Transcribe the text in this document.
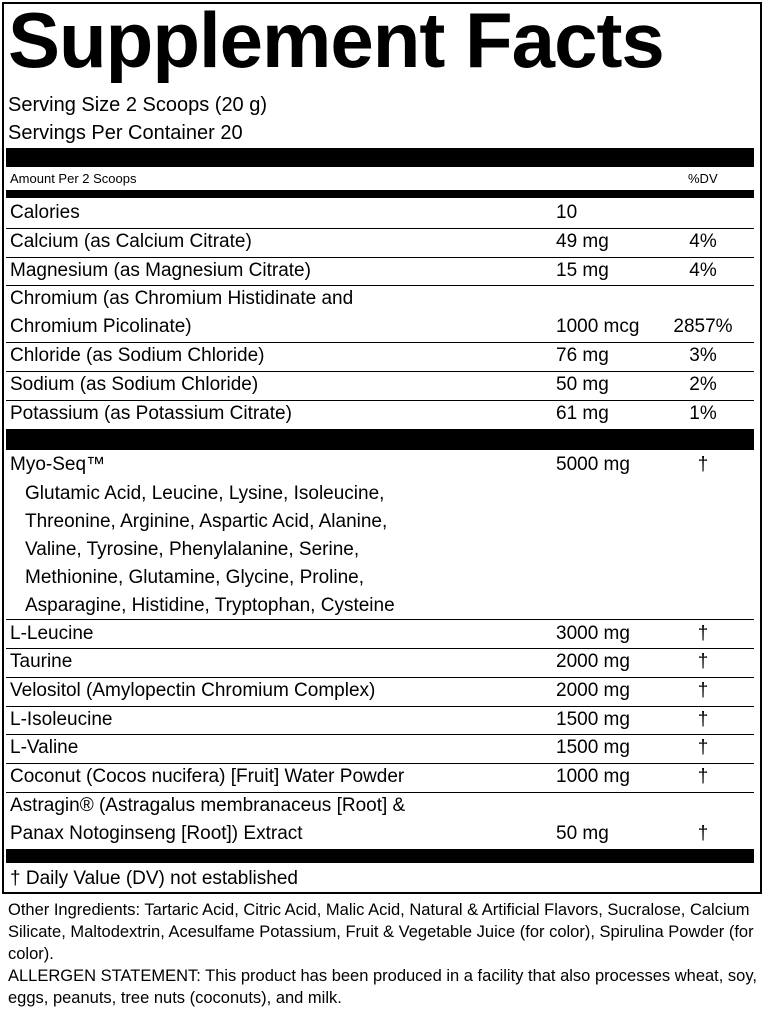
Supplement Facts
Serving Size 2 Scoops (20 g)
Servings Per Container 20
Amount Per 2 Scoops	%DV
Calories	10
Calcium (as Calcium Citrate)	49 mg	4%
Magnesium (as Magnesium Citrate)	15 mg	4%
Chromium (as Chromium Histidinate and
Chromium Picolinate)	1000 mcg	2857%
Chloride (as Sodium Chloride)	76 mg	3%
Sodium (as Sodium Chloride)	50 mg	2%
Potassium (as Potassium Citrate)	61 mg	1%
Myo-Seq™	5000 mg	†
Glutamic Acid, Leucine, Lysine, Isoleucine,
Threonine, Arginine, Aspartic Acid, Alanine,
Valine, Tyrosine, Phenylalanine, Serine,
Methionine, Glutamine, Glycine, Proline,
Asparagine, Histidine, Tryptophan, Cysteine
L-Leucine	3000 mg	†
Taurine	2000 mg	†
Velositol (Amylopectin Chromium Complex)	2000 mg	†
L-Isoleucine	1500 mg	†
L-Valine	1500 mg	†
Coconut (Cocos nucifera) [Fruit] Water Powder	1000 mg	†
Astragin® (Astragalus membranaceus [Root] &
Panax Notoginseng [Root]) Extract	50 mg	†
† Daily Value (DV) not established

Other Ingredients: Tartaric Acid, Citric Acid, Malic Acid, Natural & Artificial Flavors, Sucralose, Calcium Silicate, Maltodextrin, Acesulfame Potassium, Fruit & Vegetable Juice (for color), Spirulina Powder (for color).

ALLERGEN STATEMENT: This product has been produced in a facility that also processes wheat, soy, eggs, peanuts, tree nuts (coconuts), and milk.
